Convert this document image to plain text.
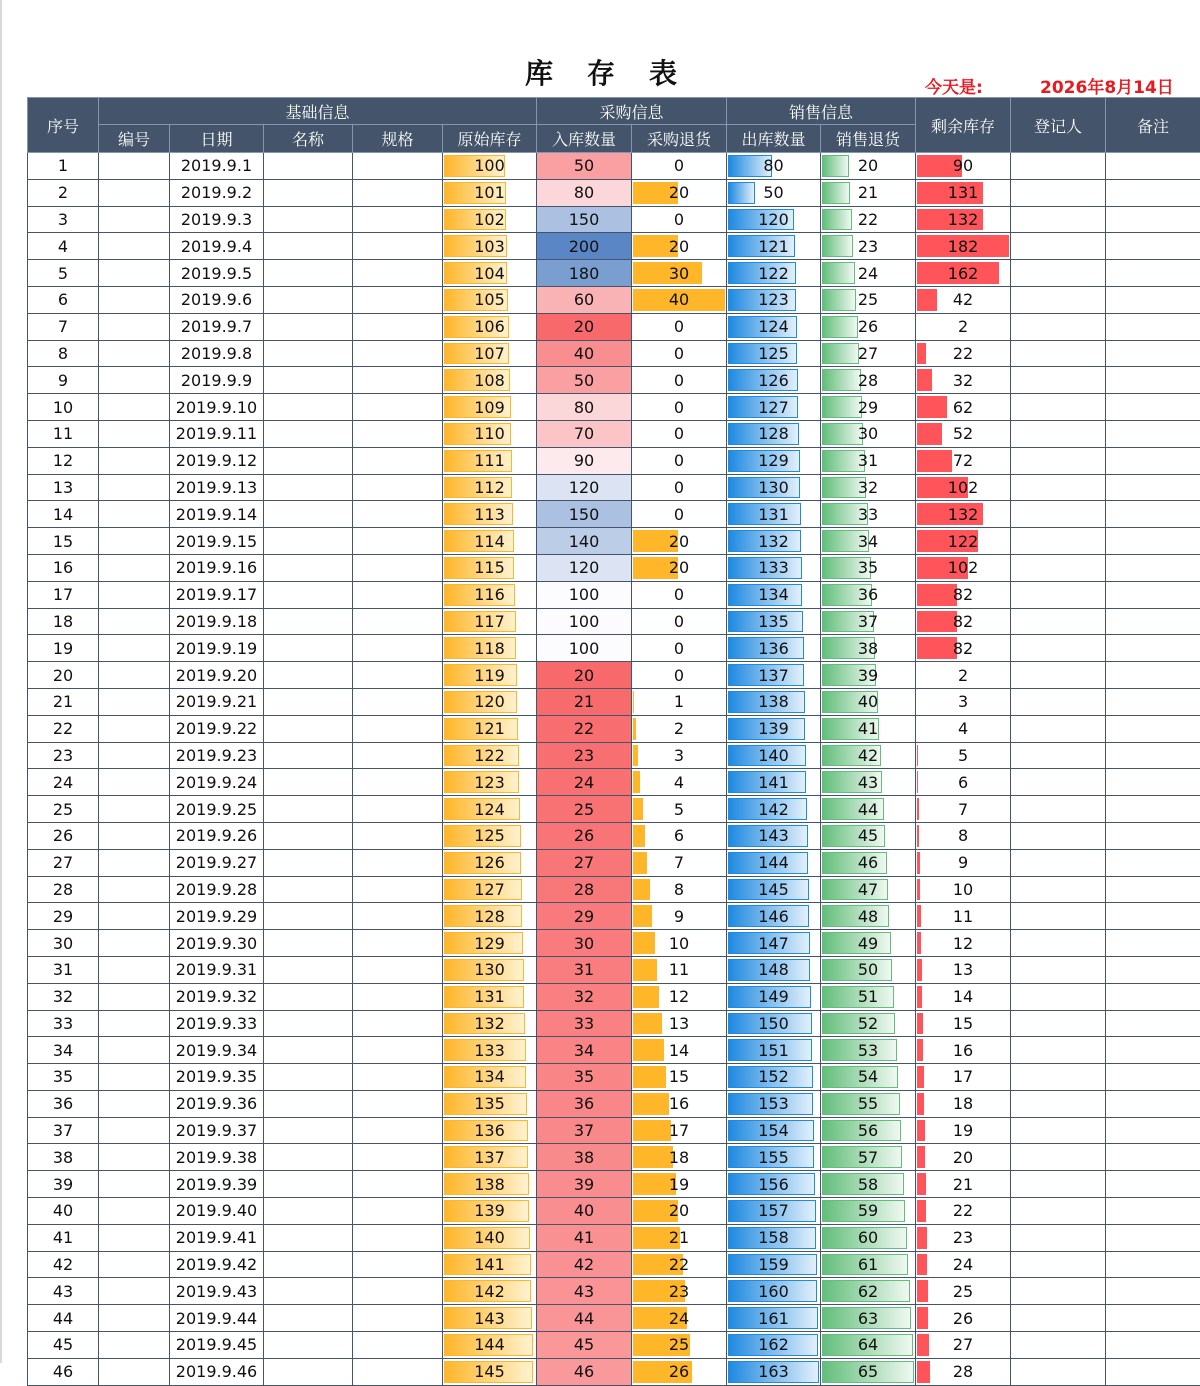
库存表	今天是:	2026年8月14日
序号	基础信息					采购信息		销售信息		剩余库存	登记人	备注
	编号	日期	名称	规格	原始库存	入库数量	采购退货	出库数量	销售退货			
1		2019.9.1			100	50	0	80	20	90		
2		2019.9.2			101	80	20	50	21	131		
3		2019.9.3			102	150	0	120	22	132		
4		2019.9.4			103	200	20	121	23	182		
5		2019.9.5			104	180	30	122	24	162		
6		2019.9.6			105	60	40	123	25	42		
7		2019.9.7			106	20	0	124	26	2		
8		2019.9.8			107	40	0	125	27	22		
9		2019.9.9			108	50	0	126	28	32		
10		2019.9.10			109	80	0	127	29	62		
11		2019.9.11			110	70	0	128	30	52		
12		2019.9.12			111	90	0	129	31	72		
13		2019.9.13			112	120	0	130	32	102		
14		2019.9.14			113	150	0	131	33	132		
15		2019.9.15			114	140	20	132	34	122		
16		2019.9.16			115	120	20	133	35	102		
17		2019.9.17			116	100	0	134	36	82		
18		2019.9.18			117	100	0	135	37	82		
19		2019.9.19			118	100	0	136	38	82		
20		2019.9.20			119	20	0	137	39	2		
21		2019.9.21			120	21	1	138	40	3		
22		2019.9.22			121	22	2	139	41	4		
23		2019.9.23			122	23	3	140	42	5		
24		2019.9.24			123	24	4	141	43	6		
25		2019.9.25			124	25	5	142	44	7		
26		2019.9.26			125	26	6	143	45	8		
27		2019.9.27			126	27	7	144	46	9		
28		2019.9.28			127	28	8	145	47	10		
29		2019.9.29			128	29	9	146	48	11		
30		2019.9.30			129	30	10	147	49	12		
31		2019.9.31			130	31	11	148	50	13		
32		2019.9.32			131	32	12	149	51	14		
33		2019.9.33			132	33	13	150	52	15		
34		2019.9.34			133	34	14	151	53	16		
35		2019.9.35			134	35	15	152	54	17		
36		2019.9.36			135	36	16	153	55	18		
37		2019.9.37			136	37	17	154	56	19		
38		2019.9.38			137	38	18	155	57	20		
39		2019.9.39			138	39	19	156	58	21		
40		2019.9.40			139	40	20	157	59	22		
41		2019.9.41			140	41	21	158	60	23		
42		2019.9.42			141	42	22	159	61	24		
43		2019.9.43			142	43	23	160	62	25		
44		2019.9.44			143	44	24	161	63	26		
45		2019.9.45			144	45	25	162	64	27		
46		2019.9.46			145	46	26	163	65	28		
